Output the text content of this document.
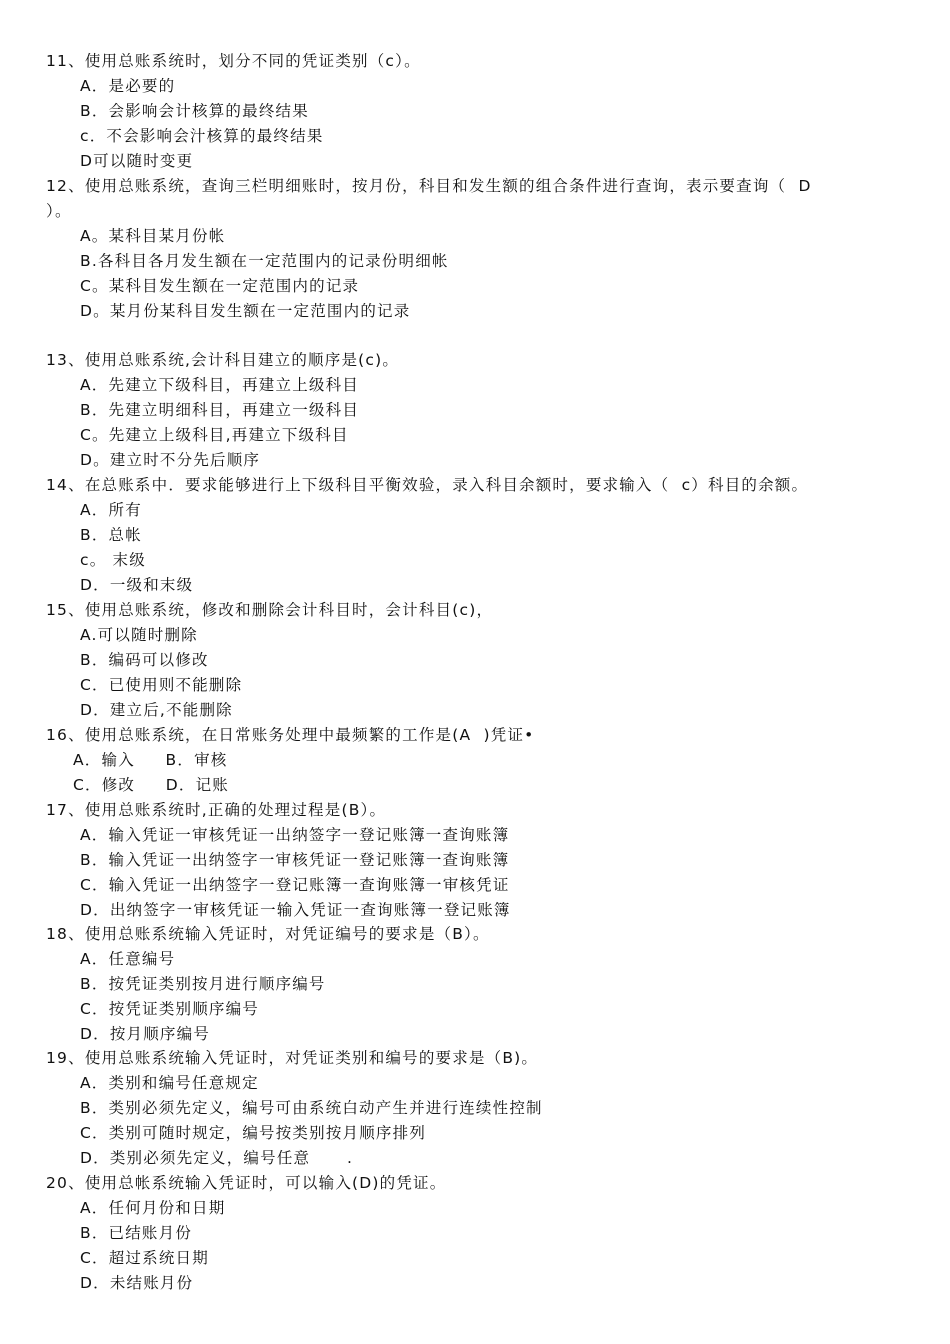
11、使用总账系统时，划分不同的凭证类别（c）。
A．是必要的
B．会影响会计核算的最终结果
c．不会影响会汁核算的最终结果
D可以随时变更
12、使用总账系统，查询三栏明细账时，按月份，科目和发生额的组合条件进行查询，表示要查询（  D
）。
A。某科目某月份帐
B.各科目各月发生额在一定范围内的记录份明细帐
C。某科目发生额在一定范围内的记录
D。某月份某科目发生额在一定范围内的记录
13、使用总账系统,会计科目建立的顺序是(c)。
A．先建立下级科目，再建立上级科目
B．先建立明细科目，再建立一级科目
C。先建立上级科目,再建立下级科目
D。建立时不分先后顺序
14、在总账系中．要求能够进行上下级科目平衡效验，录入科目余额时，要求输入（  c）科目的余额。
A．所有
B．总帐
c。 末级
D．一级和末级
15、使用总账系统，修改和删除会计科目时，会计科目(c)，
A.可以随时删除
B．编码可以修改
C．已使用则不能删除
D．建立后,不能删除
16、使用总账系统，在日常账务处理中最频繁的工作是(A  )凭证•
A．输入     B．审核
C．修改     D．记账
17、使用总账系统时,正确的处理过程是(B）。
A．输入凭证一审核凭证一出纳签字一登记账簿一查询账簿
B．输入凭证一出纳签字一审核凭证一登记账簿一查询账簿
C．输入凭证一出纳签字一登记账簿一查询账簿一审核凭证
D．出纳签字一审核凭证一输入凭证一查询账簿一登记账簿
18、使用总账系统输入凭证时，对凭证编号的要求是（B）。
A．任意编号
B．按凭证类别按月进行顺序编号
C．按凭证类别顺序编号
D．按月顺序编号
19、使用总账系统输入凭证时，对凭证类别和编号的要求是（B)。
A．类别和编号任意规定
B．类别必须先定义，编号可由系统白动产生并进行连续性控制
C．类别可随时规定，编号按类别按月顺序排列
D．类别必须先定义，编号任意      .
20、使用总帐系统输入凭证时，可以输入(D)的凭证。
A．任何月份和日期
B．已结账月份
C．超过系统日期
D．未结账月份
